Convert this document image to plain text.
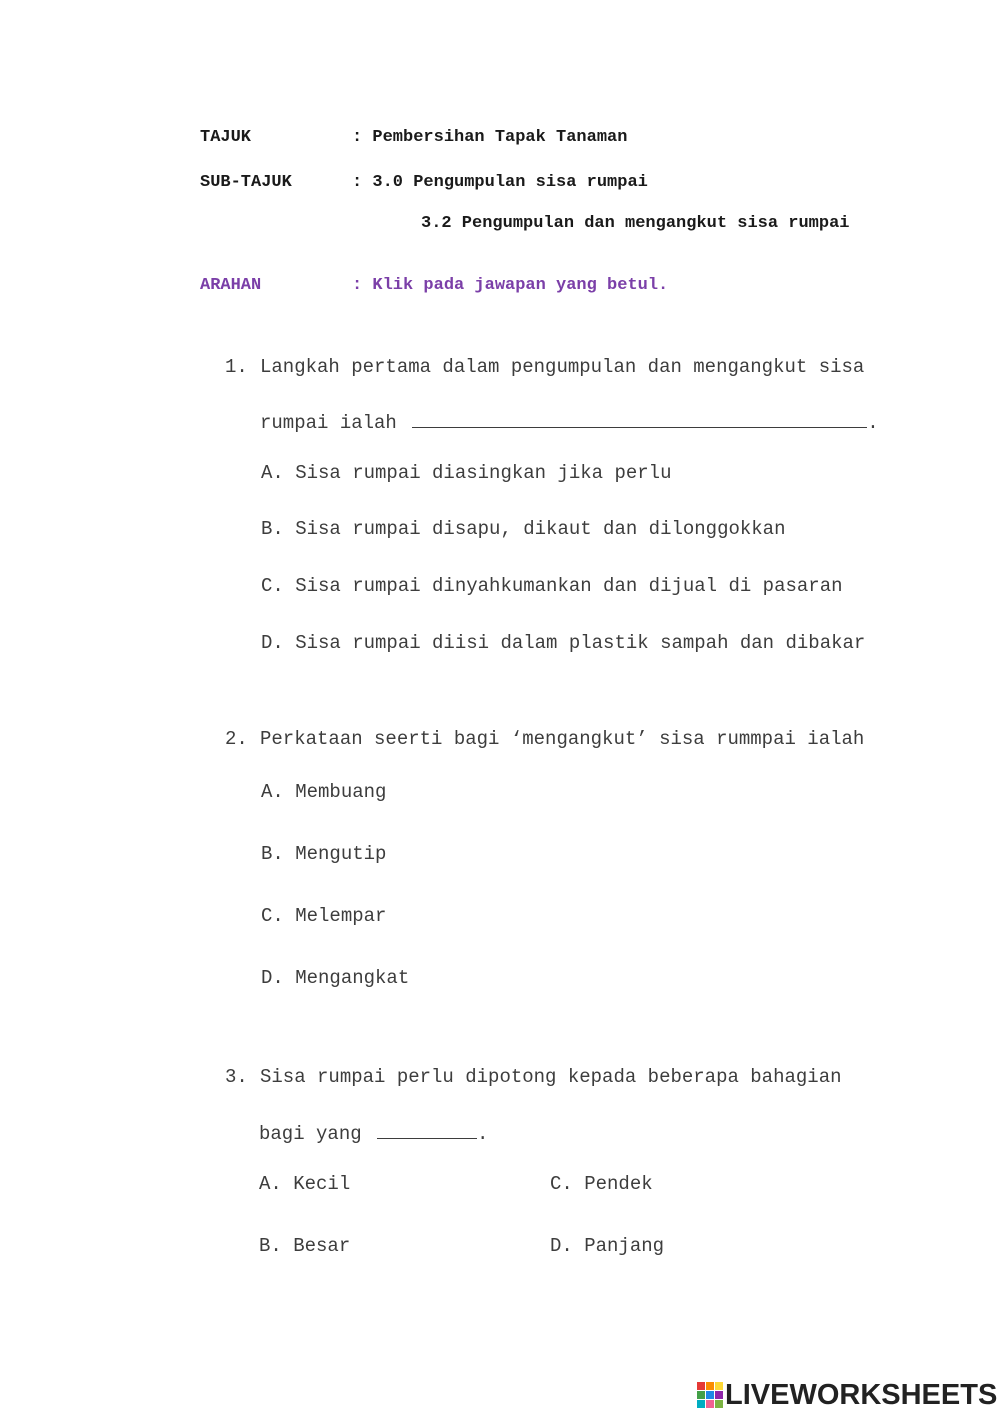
TAJUK	: Pembersihan Tapak Tanaman
SUB-TAJUK	: 3.0 Pengumpulan sisa rumpai
3.2 Pengumpulan dan mengangkut sisa rumpai
ARAHAN	: Klik pada jawapan yang betul.
1. Langkah pertama dalam pengumpulan dan mengangkut sisa
rumpai ialah	.
A. Sisa rumpai diasingkan jika perlu
B. Sisa rumpai disapu, dikaut dan dilonggokkan
C. Sisa rumpai dinyahkumankan dan dijual di pasaran
D. Sisa rumpai diisi dalam plastik sampah dan dibakar
2. Perkataan seerti bagi ‘mengangkut’ sisa rummpai ialah
A. Membuang
B. Mengutip
C. Melempar
D. Mengangkat
3. Sisa rumpai perlu dipotong kepada beberapa bahagian
bagi yang	.
A. Kecil
B. Besar
C. Pendek
D. Panjang
LIVEWORKSHEETS
